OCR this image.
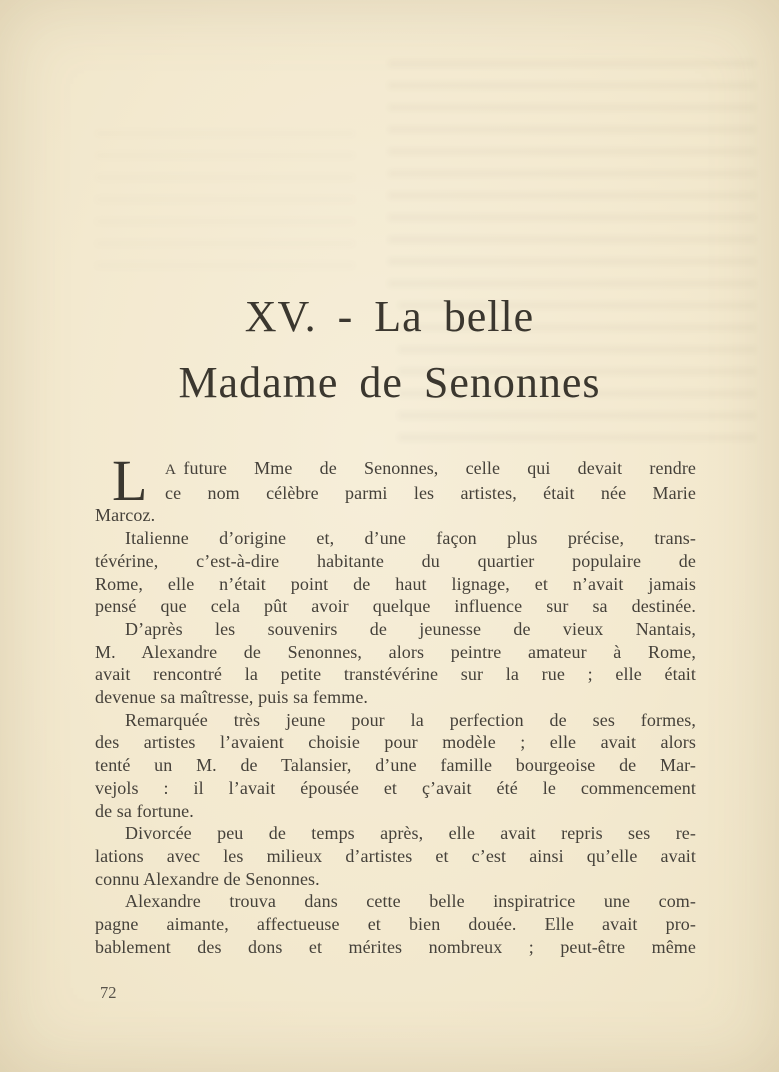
XV. - La belle
Madame de Senonnes
L A future Mme de Senonnes, celle qui devait rendre
ce nom célèbre parmi les artistes, était née Marie
Marcoz.
Italienne d’origine et, d’une façon plus précise, trans-
tévérine, c’est-à-dire habitante du quartier populaire de
Rome, elle n’était point de haut lignage, et n’avait jamais
pensé que cela pût avoir quelque influence sur sa destinée.
D’après les souvenirs de jeunesse de vieux Nantais,
M. Alexandre de Senonnes, alors peintre amateur à Rome,
avait rencontré la petite transtévérine sur la rue ; elle était
devenue sa maîtresse, puis sa femme.
Remarquée très jeune pour la perfection de ses formes,
des artistes l’avaient choisie pour modèle ; elle avait alors
tenté un M. de Talansier, d’une famille bourgeoise de Mar-
vejols : il l’avait épousée et ç’avait été le commencement
de sa fortune.
Divorcée peu de temps après, elle avait repris ses re-
lations avec les milieux d’artistes et c’est ainsi qu’elle avait
connu Alexandre de Senonnes.
Alexandre trouva dans cette belle inspiratrice une com-
pagne aimante, affectueuse et bien douée. Elle avait pro-
bablement des dons et mérites nombreux ; peut-être même
72
